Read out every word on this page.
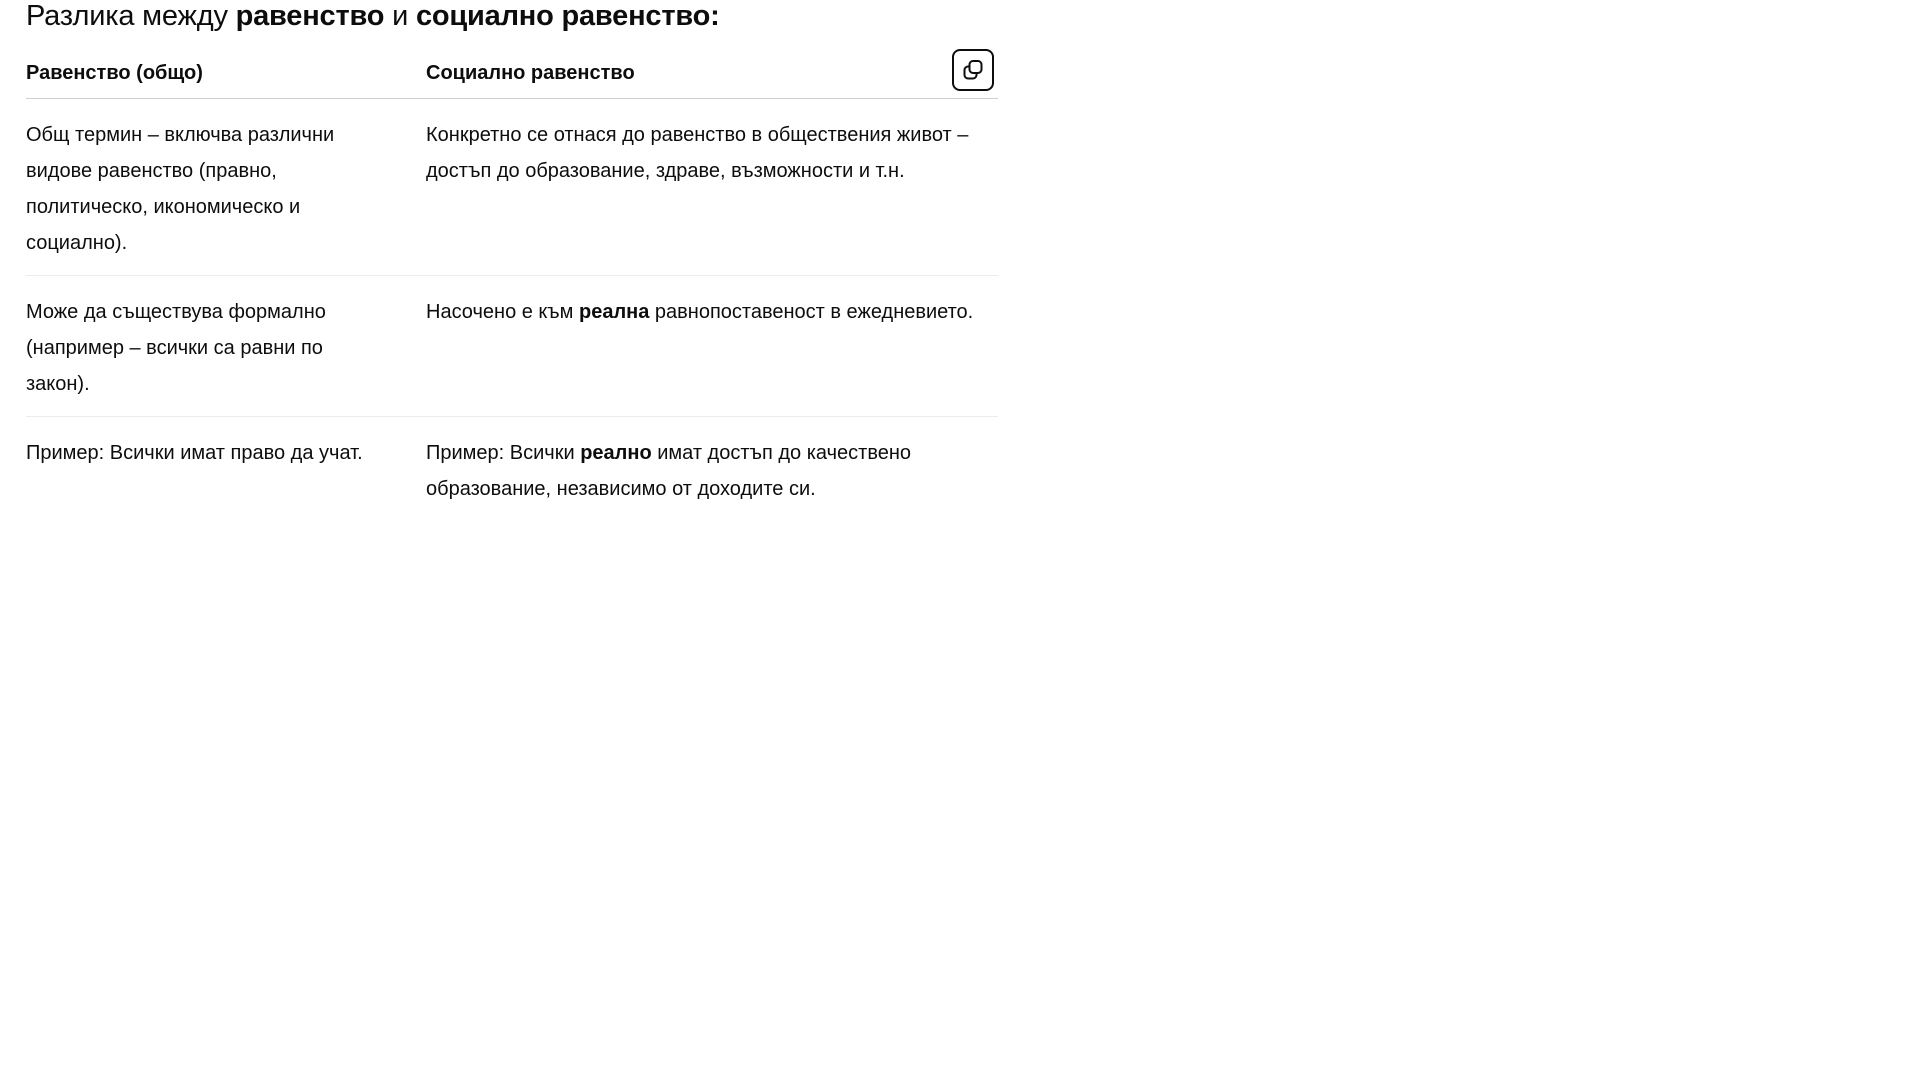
Разлика между равенство и социално равенство:
Равенство (общо)	Социално равенство
Общ термин – включва различни видове равенство (правно, политическо, икономическо и социално).	Конкретно се отнася до равенство в обществения живот – достъп до образование, здраве, възможности и т.н.
Може да съществува формално (например – всички са равни по закон).	Насочено е към реална равнопоставеност в ежедневието.
Пример: Всички имат право да учат.	Пример: Всички реално имат достъп до качествено образование, независимо от доходите си.
